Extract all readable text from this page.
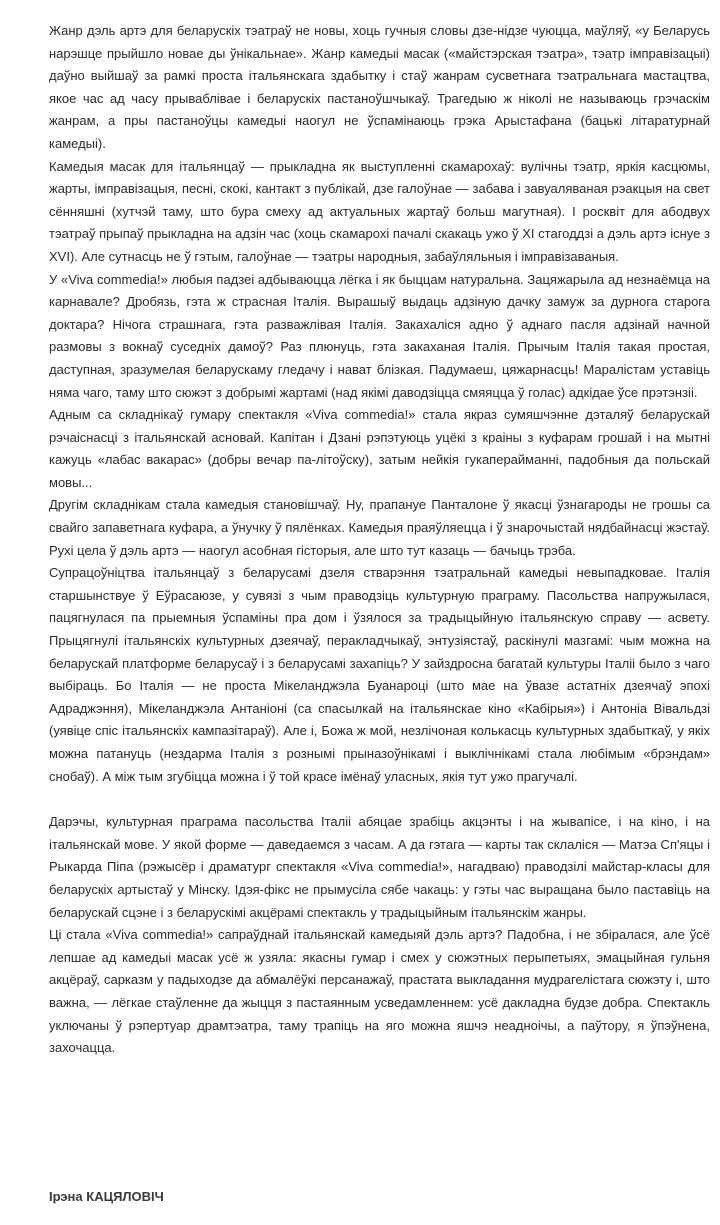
Жанр дэль артэ для беларускіх тэатраў не новы, хоць гучныя словы дзе-нідзе чуюцца, маўляў, «у Беларусь нарэшце прыйшло новае ды ўнікальнае». Жанр камедыі масак («майстэрская тэатра», тэатр імправізацыі) даўно выйшаў за рамкі проста італьянскага здабытку і стаў жанрам сусветнага тэатральнага мастацтва, якое час ад часу прываблівае і беларускіх пастаноўшчыкаў. Трагедыю ж ніколі не называюць грэчаскім жанрам, а пры пастаноўцы камедыі наогул не ўспамінаюць грэка Арыстафана (бацькі літаратурнай камедыі).

Камедыя масак для італьянцаў — прыкладна як выступленні скамарохаў: вулічны тэатр, яркія касцюмы, жарты, імправізацыя, песні, скокі, кантакт з публікай, дзе галоўнае — забава і завуаляваная рэакцыя на свет сённяшні (хутчэй таму, што бура смеху ад актуальных жартаў больш магутная). І росквіт для абодвух тэатраў прыпаў прыкладна на адзін час (хоць скамарохі пачалі скакаць ужо ў XI стагоддзі а дэль артэ існуе з XVI). Але сутнасць не ў гэтым, галоўнае — тэатры народныя, забаўляльныя і імправізаваныя.

У «Viva commedia!» любыя падзеі адбываюцца лёгка і як быццам натуральна. Зацяжарыла ад незнаёмца на карнавале? Дробязь, гэта ж страсная Італія. Вырашыў выдаць адзіную дачку замуж за дурнога старога доктара? Нічога страшнага, гэта разважлівая Італія. Закахаліся адно ў аднаго пасля адзінай начной размовы з вокнаў суседніх дамоў? Раз плюнуць, гэта закаханая Італія. Прычым Італія такая простая, даступная, зразумелая беларускаму гледачу і нават блізкая. Падумаеш, цяжарнасць! Маралістам уставіць няма чаго, таму што сюжэт з добрымі жартамі (над якімі даводзіцца смяяцца ў голас) адкідае ўсе прэтэнзіі.

Адным са складнікаў гумару спектакля «Viva commedia!» стала якраз сумяшчэнне дэталяў беларускай рэчаіснасці з італьянскай асновай. Капітан і Дзані рэпэтуюць уцёкі з краіны з куфарам грошай і на мытні кажуць «лабас вакарас» (добры вечар па-літоўску), затым нейкія гукаперайманні, падобныя да польскай мовы...

Другім складнікам стала камедыя становішчаў. Ну, прапануе Панталоне ў якасці ўзнагароды не грошы са свайго запаветнага куфара, а ўнучку ў пялёнках. Камедыя праяўляецца і ў знарочыстай нядбайнасці жэстаў. Рухі цела ў дэль артэ — наогул асобная гісторыя, але што тут казаць — бачыць трэба.

Супрацоўніцтва італьянцаў з беларусамі дзеля стварэння тэатральнай камедыі невыпадковае. Італія старшынствуе ў Еўрасаюзе, у сувязі з чым праводзіць культурную праграму. Пасольства напружылася, пацягнулася па прыемныя ўспаміны пра дом і ўзялося за традыцыйную італьянскую справу — асвету. Прыцягнулі італьянскіх культурных дзеячаў, перакладчыкаў, энтузіястаў, раскінулі мазгамі: чым можна на беларускай платформе беларусаў і з беларусамі захапіць? У зайздросна багатай культуры Італіі было з чаго выбіраць. Бо Італія — не проста Мікеланджэла Буанароці (што мае на ўвазе астатніх дзеячаў эпохі Адраджэння), Мікеланджэла Антаніоні (са спасылкай на італьянскае кіно «Кабірыя») і Антоніа Вівальдзі (уявіце спіс італьянскіх кампазітараў). Але і, Божа ж мой, незлічоная колькасць культурных здабыткаў, у якіх можна патануць (нездарма Італія з рознымі прыназоўнікамі і выклічнікамі стала любімым «брэндам» снобаў). А між тым згубіцца можна і ў той красе імёнаў уласных, якія тут ужо прагучалі.

Дарэчы, культурная праграма пасольства Італіі абяцае зрабіць акцэнты і на жывапісе, і на кіно, і на італьянскай мове. У якой форме — даведаемся з часам. А да гэтага — карты так склаліся — Матэа Сп'яцы і Рыкарда Піпа (рэжысёр і драматург спектакля «Viva commedia!», нагадваю) праводзілі майстар-класы для беларускіх артыстаў у Мінску. Ідэя-фікс не прымусіла сябе чакаць: у гэты час выращана было паставіць на беларускай сцэне і з беларускімі акцёрамі спектакль у традыцыйным італьянскім жанры.

Ці стала «Viva commedia!» сапраўднай італьянскай камедыяй дэль артэ? Падобна, і не збіралася, але ўсё лепшае ад камедыі масак усё ж узяла: якасны гумар і смех у сюжэтных перыпетыях, эмацыйная гульня акцёраў, сарказм у падыходзе да абмалёўкі персанажаў, прастата выкладання мудрагелістага сюжэту і, што важна, — лёгкае стаўленне да жыцця з пастаянным усведамленнем: усё дакладна будзе добра. Спектакль уключаны ў рэпертуар драмтэатра, таму трапіць на яго можна яшчэ неадноічы, а паўтору, я ўпэўнена, захочацца.

Ірэна КАЦЯЛОВІЧ
